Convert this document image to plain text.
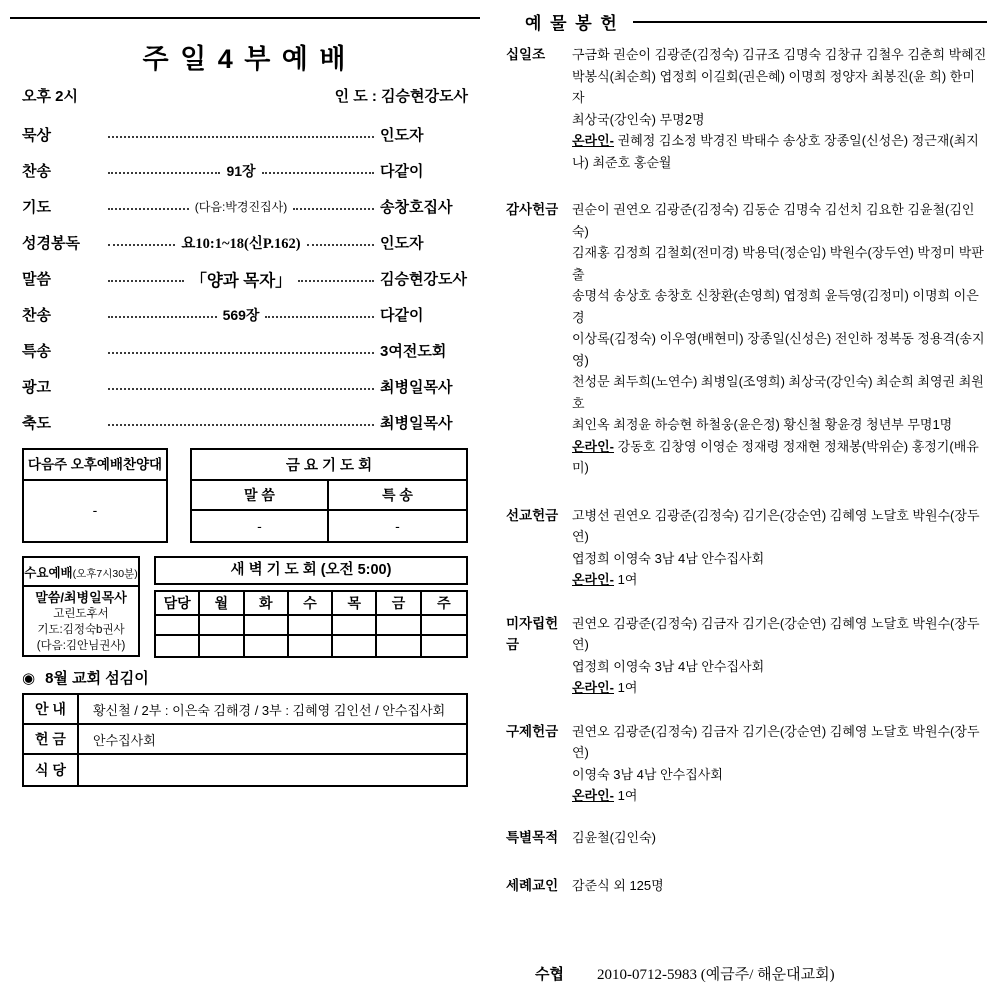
주 일 4 부 예 배
오후 2시	인 도 : 김승현강도사
묵상	인도자
찬송	91장	다같이
기도	(다음:박경진집사)	송창호집사
성경봉독	요10:1~18(신P.162)	인도자
말씀	「양과 목자」	김승현강도사
찬송	569장	다같이
특송	3여전도회
광고	최병일목사
축도	최병일목사
다음주 오후예배찬양대
-
금 요 기 도 회
말 씀	특 송
-	-
수요예배(오후7시30분)
말씀/최병일목사
고린도후서
기도:김정숙b권사
(다음:김안님권사)
새 벽 기 도 회 (오전 5:00)
담당	월	화	수	목	금	주
◉ 8월 교회 섬김이
안 내	황신철 / 2부 : 이은숙 김해경 / 3부 : 김혜영 김인선 / 안수집사회
헌 금	안수집사회
식 당
예 물 봉 헌
십일조	구금화 권순이 김광준(김정숙) 김규조 김명숙 김창규 김철우 김춘희 박혜진
박봉식(최순희) 엽정희 이길회(권은혜) 이명희 정양자 최봉진(윤 희) 한미자
최상국(강인숙) 무명2명
온라인- 권혜정 김소정 박경진 박태수 송상호 장종일(신성은) 정근재(최지나) 최준호 홍순월
감사헌금	권순이 권연오 김광준(김정숙) 김동순 김명숙 김선치 김요한 김윤철(김인숙)
김재홍 김정희 김철회(전미경) 박용덕(정순임) 박원수(장두연) 박정미 박판출
송명석 송상호 송창호 신창환(손영희) 엽정희 윤득영(김정미) 이명희 이은경
이상록(김정숙) 이우영(배현미) 장종일(신성은) 전인하 정복동 정용격(송지영)
천성문 최두희(노연수) 최병일(조영희) 최상국(강인숙) 최순희 최영권 최원호
최인옥 최정윤 하승현 하철웅(윤은정) 황신철 황윤경 청년부 무명1명
온라인- 강동호 김창영 이영순 정재령 정재현 정채봉(박위순) 홍정기(배유미)
선교헌금	고병선 권연오 김광준(김정숙) 김기은(강순연) 김혜영 노달호 박원수(장두연)
엽정희 이영숙 3남 4남 안수집사회
온라인- 1여
미자립헌금
권연오 김광준(김정숙) 김금자 김기은(강순연) 김혜영 노달호 박원수(장두연)
엽정희 이영숙 3남 4남 안수집사회
온라인- 1여
구제헌금	권연오 김광준(김정숙) 김금자 김기은(강순연) 김혜영 노달호 박원수(장두연)
이영숙 3남 4남 안수집사회
온라인- 1여
특별목적	김윤철(김인숙)
세례교인	감준식 외 125명
수협	2010-0712-5983 (예금주/ 해운대교회)
